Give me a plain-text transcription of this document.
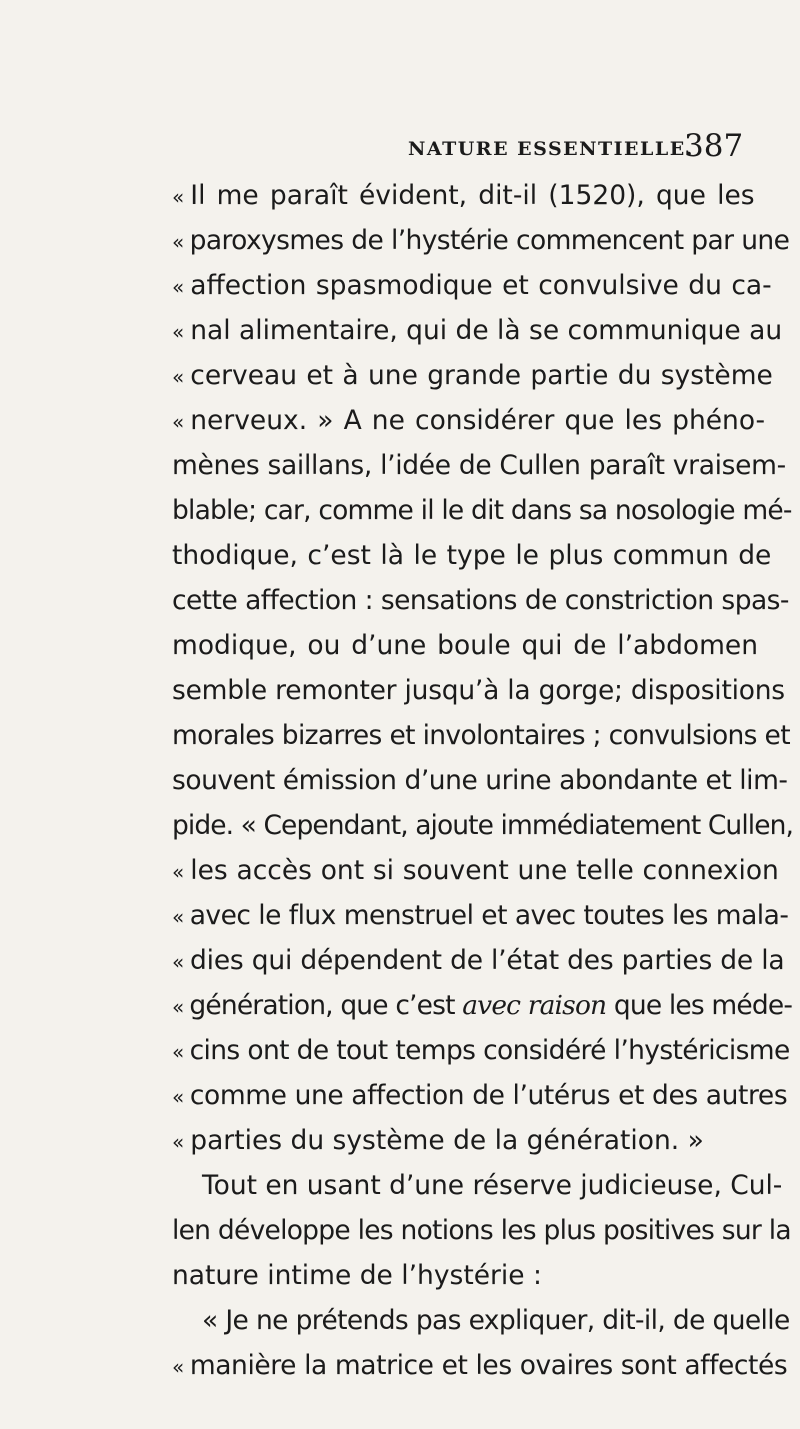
NATURE ESSENTIELLE.
387
« Il me paraît évident, dit-il (1520), que les
« paroxysmes de l’hystérie commencent par une
« affection spasmodique et convulsive du ca-
« nal alimentaire, qui de là se communique au
« cerveau et à une grande partie du système
« nerveux. » A ne considérer que les phéno-
mènes saillans, l’idée de Cullen paraît vraisem-
blable; car, comme il le dit dans sa nosologie mé-
thodique, c’est là le type le plus commun de
cette affection : sensations de constriction spas-
modique, ou d’une boule qui de l’abdomen
semble remonter jusqu’à la gorge; dispositions
morales bizarres et involontaires ; convulsions et
souvent émission d’une urine abondante et lim-
pide. « Cependant, ajoute immédiatement Cullen,
« les accès ont si souvent une telle connexion
« avec le flux menstruel et avec toutes les mala-
« dies qui dépendent de l’état des parties de la
« génération, que c’est avec raison que les méde-
« cins ont de tout temps considéré l’hystéricisme
« comme une affection de l’utérus et des autres
« parties du système de la génération. »
Tout en usant d’une réserve judicieuse, Cul-
len développe les notions les plus positives sur la
nature intime de l’hystérie :
« Je ne prétends pas expliquer, dit-il, de quelle
« manière la matrice et les ovaires sont affectés
